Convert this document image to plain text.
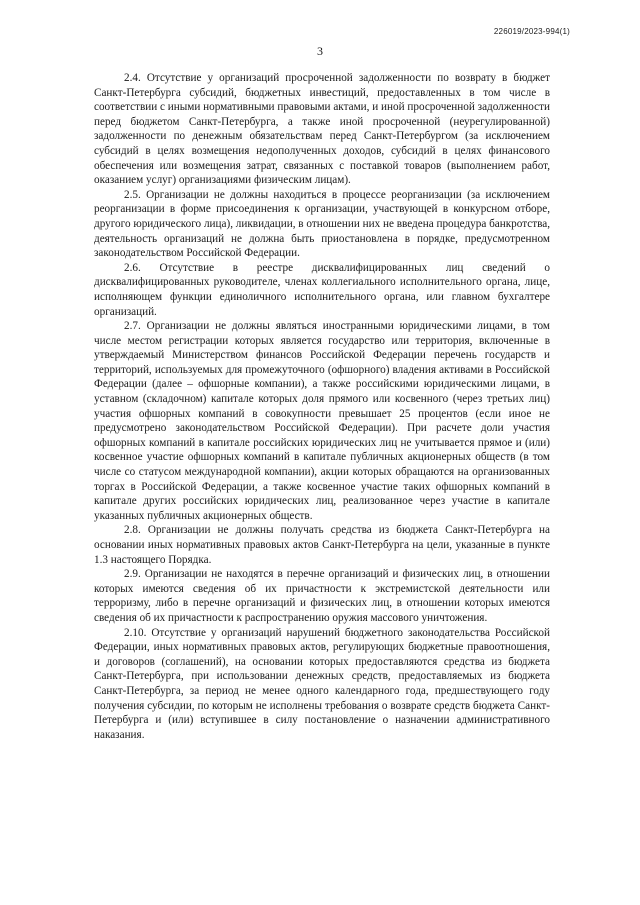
226019/2023-994(1)
3

2.4. Отсутствие у организаций просроченной задолженности по возврату в бюджет Санкт-Петербурга субсидий, бюджетных инвестиций, предоставленных в том числе в соответствии с иными нормативными правовыми актами, и иной просроченной задолженности перед бюджетом Санкт-Петербурга, а также иной просроченной (неурегулированной) задолженности по денежным обязательствам перед Санкт-Петербургом (за исключением субсидий в целях возмещения недополученных доходов, субсидий в целях финансового обеспечения или возмещения затрат, связанных с поставкой товаров (выполнением работ, оказанием услуг) организациями физическим лицам).

2.5. Организации не должны находиться в процессе реорганизации (за исключением реорганизации в форме присоединения к организации, участвующей в конкурсном отборе, другого юридического лица), ликвидации, в отношении них не введена процедура банкротства, деятельность организаций не должна быть приостановлена в порядке, предусмотренном законодательством Российской Федерации.

2.6. Отсутствие в реестре дисквалифицированных лиц сведений о дисквалифицированных руководителе, членах коллегиального исполнительного органа, лице, исполняющем функции единоличного исполнительного органа, или главном бухгалтере организаций.

2.7. Организации не должны являться иностранными юридическими лицами, в том числе местом регистрации которых является государство или территория, включенные в утверждаемый Министерством финансов Российской Федерации перечень государств и территорий, используемых для промежуточного (офшорного) владения активами в Российской Федерации (далее – офшорные компании), а также российскими юридическими лицами, в уставном (складочном) капитале которых доля прямого или косвенного (через третьих лиц) участия офшорных компаний в совокупности превышает 25 процентов (если иное не предусмотрено законодательством Российской Федерации). При расчете доли участия офшорных компаний в капитале российских юридических лиц не учитывается прямое и (или) косвенное участие офшорных компаний в капитале публичных акционерных обществ (в том числе со статусом международной компании), акции которых обращаются на организованных торгах в Российской Федерации, а также косвенное участие таких офшорных компаний в капитале других российских юридических лиц, реализованное через участие в капитале указанных публичных акционерных обществ.

2.8. Организации не должны получать средства из бюджета Санкт-Петербурга на основании иных нормативных правовых актов Санкт-Петербурга на цели, указанные в пункте 1.3 настоящего Порядка.

2.9. Организации не находятся в перечне организаций и физических лиц, в отношении которых имеются сведения об их причастности к экстремистской деятельности или терроризму, либо в перечне организаций и физических лиц, в отношении которых имеются сведения об их причастности к распространению оружия массового уничтожения.

2.10. Отсутствие у организаций нарушений бюджетного законодательства Российской Федерации, иных нормативных правовых актов, регулирующих бюджетные правоотношения, и договоров (соглашений), на основании которых предоставляются средства из бюджета Санкт-Петербурга, при использовании денежных средств, предоставляемых из бюджета Санкт-Петербурга, за период не менее одного календарного года, предшествующего году получения субсидии, по которым не исполнены требования о возврате средств бюджета Санкт-Петербурга и (или) вступившее в силу постановление о назначении административного наказания.
